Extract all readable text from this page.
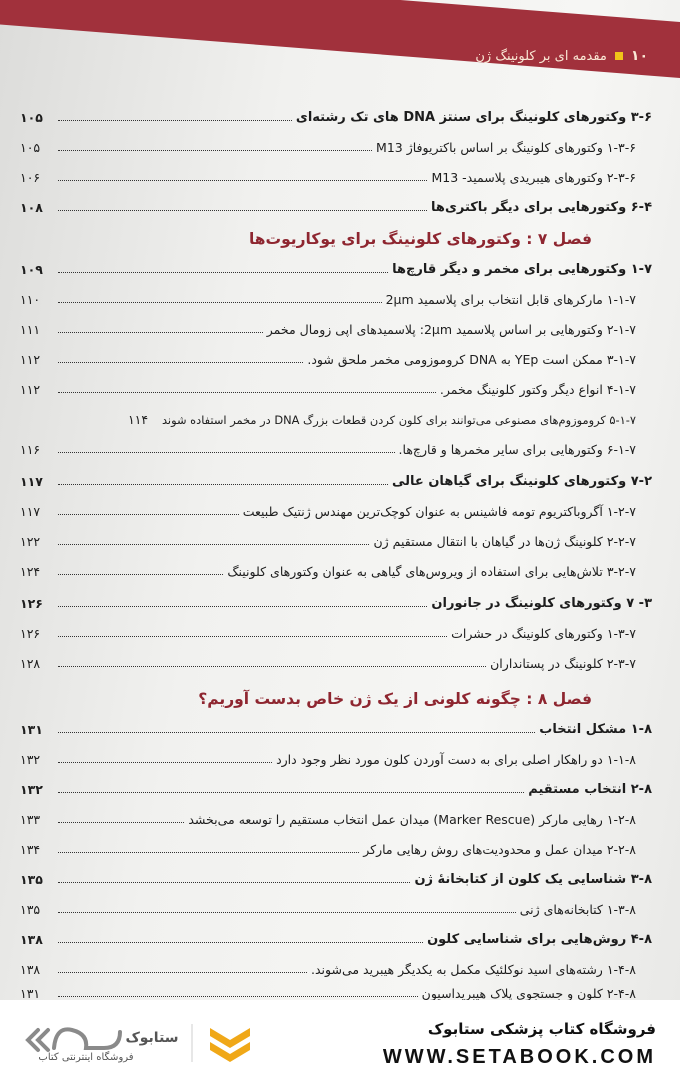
۱۰
مقدمه ای بر کلونینگ ژن
۳-۶ وکتورهای کلونینگ برای سنتز DNA های تک رشته‌ای
۱۰۵
۱-۳-۶ وکتورهای کلونینگ بر اساس باکتریوفاژ M13
۱۰۵
۲-۳-۶ وکتورهای هیبریدی پلاسمید- M13
۱۰۶
۶-۴ وکتورهایی برای دیگر باکتری‌ها
۱۰۸
فصل ۷ : وکتورهای کلونینگ برای یوکاریوت‌ها
۱-۷ وکتورهایی برای مخمر و دیگر قارچ‌ها
۱۰۹
۱-۱-۷ مارکرهای قابل انتخاب برای پلاسمید 2μm
۱۱۰
۲-۱-۷ وکتورهایی بر اساس پلاسمید 2μm: پلاسمیدهای اپی زومال مخمر
۱۱۱
۳-۱-۷ ممکن است YEp به DNA کروموزومی مخمر ملحق شود.
۱۱۲
۴-۱-۷ انواع دیگر وکتور کلونینگ مخمر.
۱۱۲
۵-۱-۷ کروموزوم‌های مصنوعی می‌توانند برای کلون کردن قطعات بزرگ DNA در مخمر استفاده شوند
۱۱۴
۶-۱-۷ وکتورهایی برای سایر مخمرها و قارچ‌ها.
۱۱۶
۷-۲ وکتورهای کلونینگ برای گیاهان عالی
۱۱۷
۱-۲-۷ آگروباکتریوم تومه فاشینس به عنوان کوچک‌ترین مهندس ژنتیک طبیعت
۱۱۷
۲-۲-۷ کلونینگ ژن‌ها در گیاهان با انتقال مستقیم ژن
۱۲۲
۳-۲-۷ تلاش‌هایی برای استفاده از ویروس‌های گیاهی به عنوان وکتورهای کلونینگ
۱۲۴
۳- ۷ وکتورهای کلونینگ در جانوران
۱۲۶
۱-۳-۷ وکتورهای کلونینگ در حشرات
۱۲۶
۲-۳-۷ کلونینگ در پستانداران
۱۲۸
فصل ۸ : چگونه کلونی از یک ژن خاص بدست آوریم؟
۱-۸ مشکل انتخاب
۱۳۱
۱-۱-۸ دو راهکار اصلی برای به دست آوردن کلون مورد نظر وجود دارد
۱۳۲
۲-۸ انتخاب مستقیم
۱۳۲
۱-۲-۸ رهایی مارکر (Marker Rescue) میدان عمل انتخاب مستقیم را توسعه می‌بخشد
۱۳۳
۲-۲-۸ میدان عمل و محدودیت‌های روش رهایی مارکر
۱۳۴
۳-۸ شناسایی یک کلون از کتابخانهٔ ژن
۱۳۵
۱-۳-۸ کتابخانه‌های ژنی
۱۳۵
۴-۸ روش‌هایی برای شناسایی کلون
۱۳۸
۱-۴-۸ رشته‌های اسید نوکلئیک مکمل به یکدیگر هیبرید می‌شوند.
۱۳۸
۲-۴-۸ کلون و جستجوی پلاک هیبریداسیون
۱۳۱
فروشگاه اینترنتی کتاب
ستابوک	فروشگاه کتاب پزشکی ستابوک
WWW.SETABOOK.COM
